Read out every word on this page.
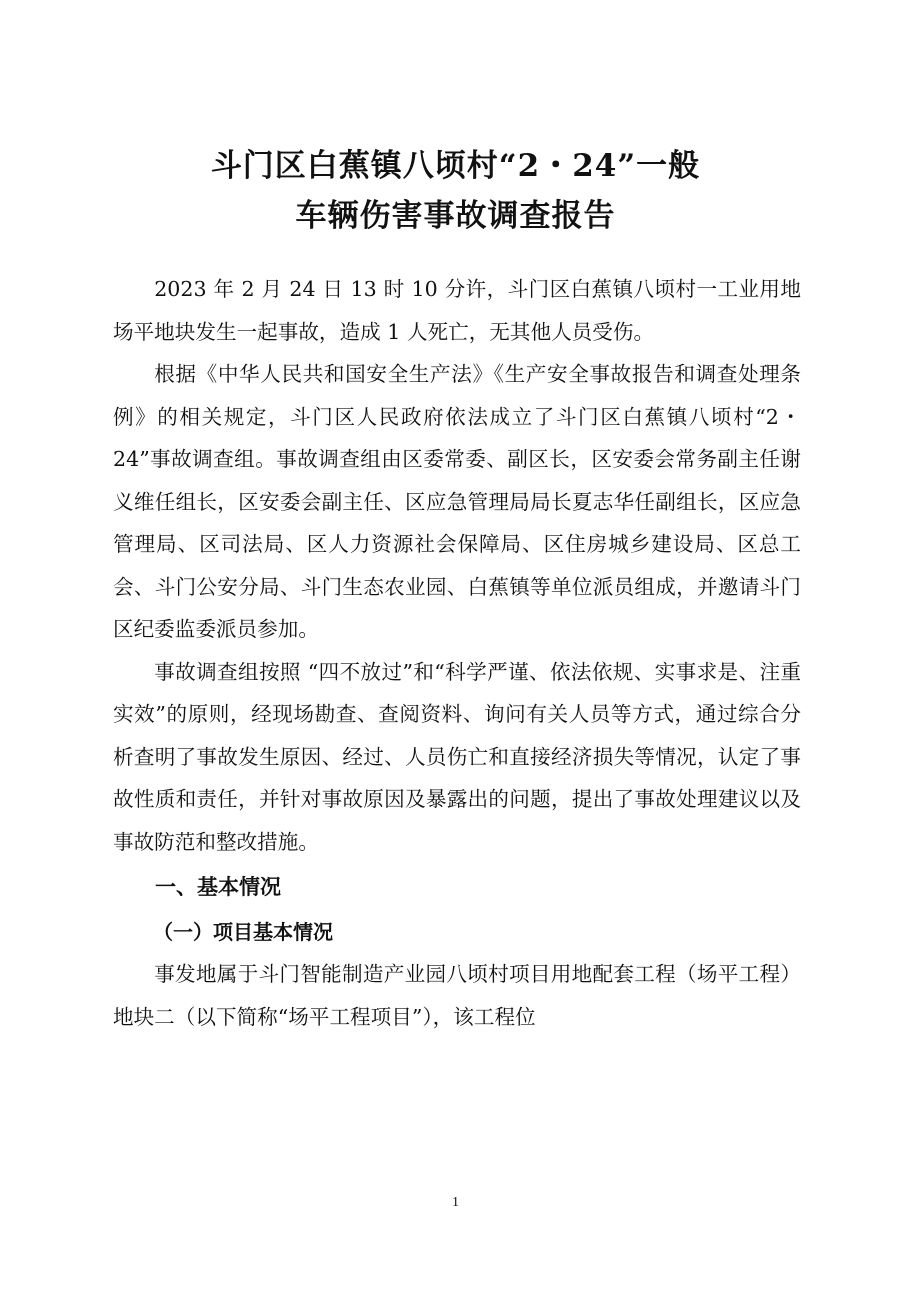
斗门区白蕉镇八顷村“2・24”一般
车辆伤害事故调查报告

2023 年 2 月 24 日 13 时 10 分许，斗门区白蕉镇八顷村一工业用地场平地块发生一起事故，造成 1 人死亡，无其他人员受伤。

根据《中华人民共和国安全生产法》《生产安全事故报告和调查处理条例》的相关规定，斗门区人民政府依法成立了斗门区白蕉镇八顷村“2・24”事故调查组。事故调查组由区委常委、副区长，区安委会常务副主任谢义维任组长，区安委会副主任、区应急管理局局长夏志华任副组长，区应急管理局、区司法局、区人力资源社会保障局、区住房城乡建设局、区总工会、斗门公安分局、斗门生态农业园、白蕉镇等单位派员组成，并邀请斗门区纪委监委派员参加。

事故调查组按照 “四不放过”和“科学严谨、依法依规、实事求是、注重实效”的原则，经现场勘查、查阅资料、询问有关人员等方式，通过综合分析查明了事故发生原因、经过、人员伤亡和直接经济损失等情况，认定了事故性质和责任，并针对事故原因及暴露出的问题，提出了事故处理建议以及事故防范和整改措施。

一、基本情况

（一）项目基本情况

事发地属于斗门智能制造产业园八顷村项目用地配套工程（场平工程）地块二（以下简称“场平工程项目”），该工程位

1
